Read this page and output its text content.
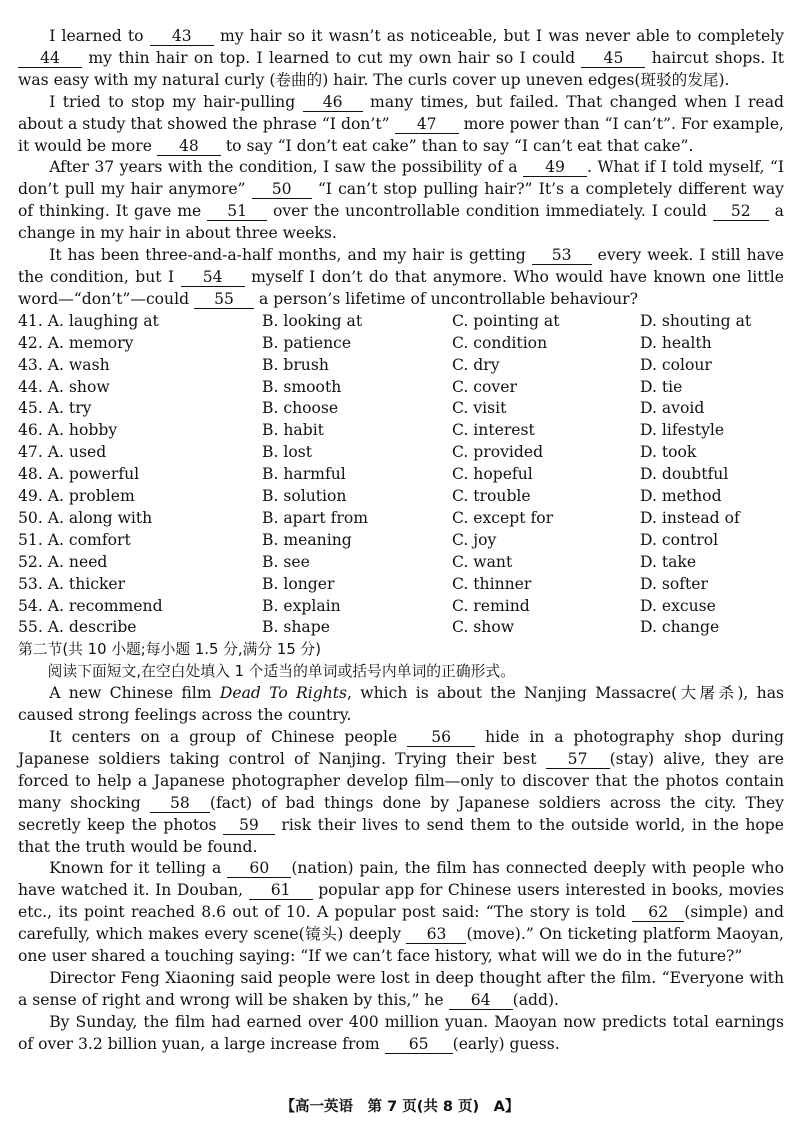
I learned to 43 my hair so it wasn’t as noticeable, but I was never able to completely 44 my thin hair on top. I learned to cut my own hair so I could 45 haircut shops. It was easy with my natural curly (卷曲的) hair. The curls cover up uneven edges(斑驳的发尾).

I tried to stop my hair-pulling 46 many times, but failed. That changed when I read about a study that showed the phrase “I don’t” 47 more power than “I can’t”. For example, it would be more 48 to say “I don’t eat cake” than to say “I can’t eat that cake”.

After 37 years with the condition, I saw the possibility of a 49 . What if I told myself, “I don’t pull my hair anymore” 50 “I can’t stop pulling hair?” It’s a completely different way of thinking. It gave me 51 over the uncontrollable condition immediately. I could 52 a change in my hair in about three weeks.

It has been three-and-a-half months, and my hair is getting 53 every week. I still have the condition, but I 54 myself I don’t do that anymore. Who would have known one little word—“don’t”—could 55 a person’s lifetime of uncontrollable behaviour?

41. A. laughing at	B. looking at	C. pointing at	D. shouting at
42. A. memory	B. patience	C. condition	D. health
43. A. wash	B. brush	C. dry	D. colour
44. A. show	B. smooth	C. cover	D. tie
45. A. try	B. choose	C. visit	D. avoid
46. A. hobby	B. habit	C. interest	D. lifestyle
47. A. used	B. lost	C. provided	D. took
48. A. powerful	B. harmful	C. hopeful	D. doubtful
49. A. problem	B. solution	C. trouble	D. method
50. A. along with	B. apart from	C. except for	D. instead of
51. A. comfort	B. meaning	C. joy	D. control
52. A. need	B. see	C. want	D. take
53. A. thicker	B. longer	C. thinner	D. softer
54. A. recommend	B. explain	C. remind	D. excuse
55. A. describe	B. shape	C. show	D. change

第二节(共 10 小题;每小题 1.5 分,满分 15 分)

阅读下面短文,在空白处填入 1 个适当的单词或括号内单词的正确形式。

A new Chinese film Dead To Rights, which is about the Nanjing Massacre(大屠杀), has caused strong feelings across the country.

It centers on a group of Chinese people 56 hide in a photography shop during Japanese soldiers taking control of Nanjing. Trying their best 57 (stay) alive, they are forced to help a Japanese photographer develop film—only to discover that the photos contain many shocking 58 (fact) of bad things done by Japanese soldiers across the city. They secretly keep the photos 59 risk their lives to send them to the outside world, in the hope that the truth would be found.

Known for it telling a 60 (nation) pain, the film has connected deeply with people who have watched it. In Douban, 61 popular app for Chinese users interested in books, movies etc., its point reached 8.6 out of 10. A popular post said: “The story is told 62 (simple) and carefully, which makes every scene(镜头) deeply 63 (move).” On ticketing platform Maoyan, one user shared a touching saying: “If we can’t face history, what will we do in the future?”

Director Feng Xiaoning said people were lost in deep thought after the film. “Everyone with a sense of right and wrong will be shaken by this,” he 64 (add).

By Sunday, the film had earned over 400 million yuan. Maoyan now predicts total earnings of over 3.2 billion yuan, a large increase from 65 (early) guess.

【高一英语　第 7 页(共 8 页)　A】
